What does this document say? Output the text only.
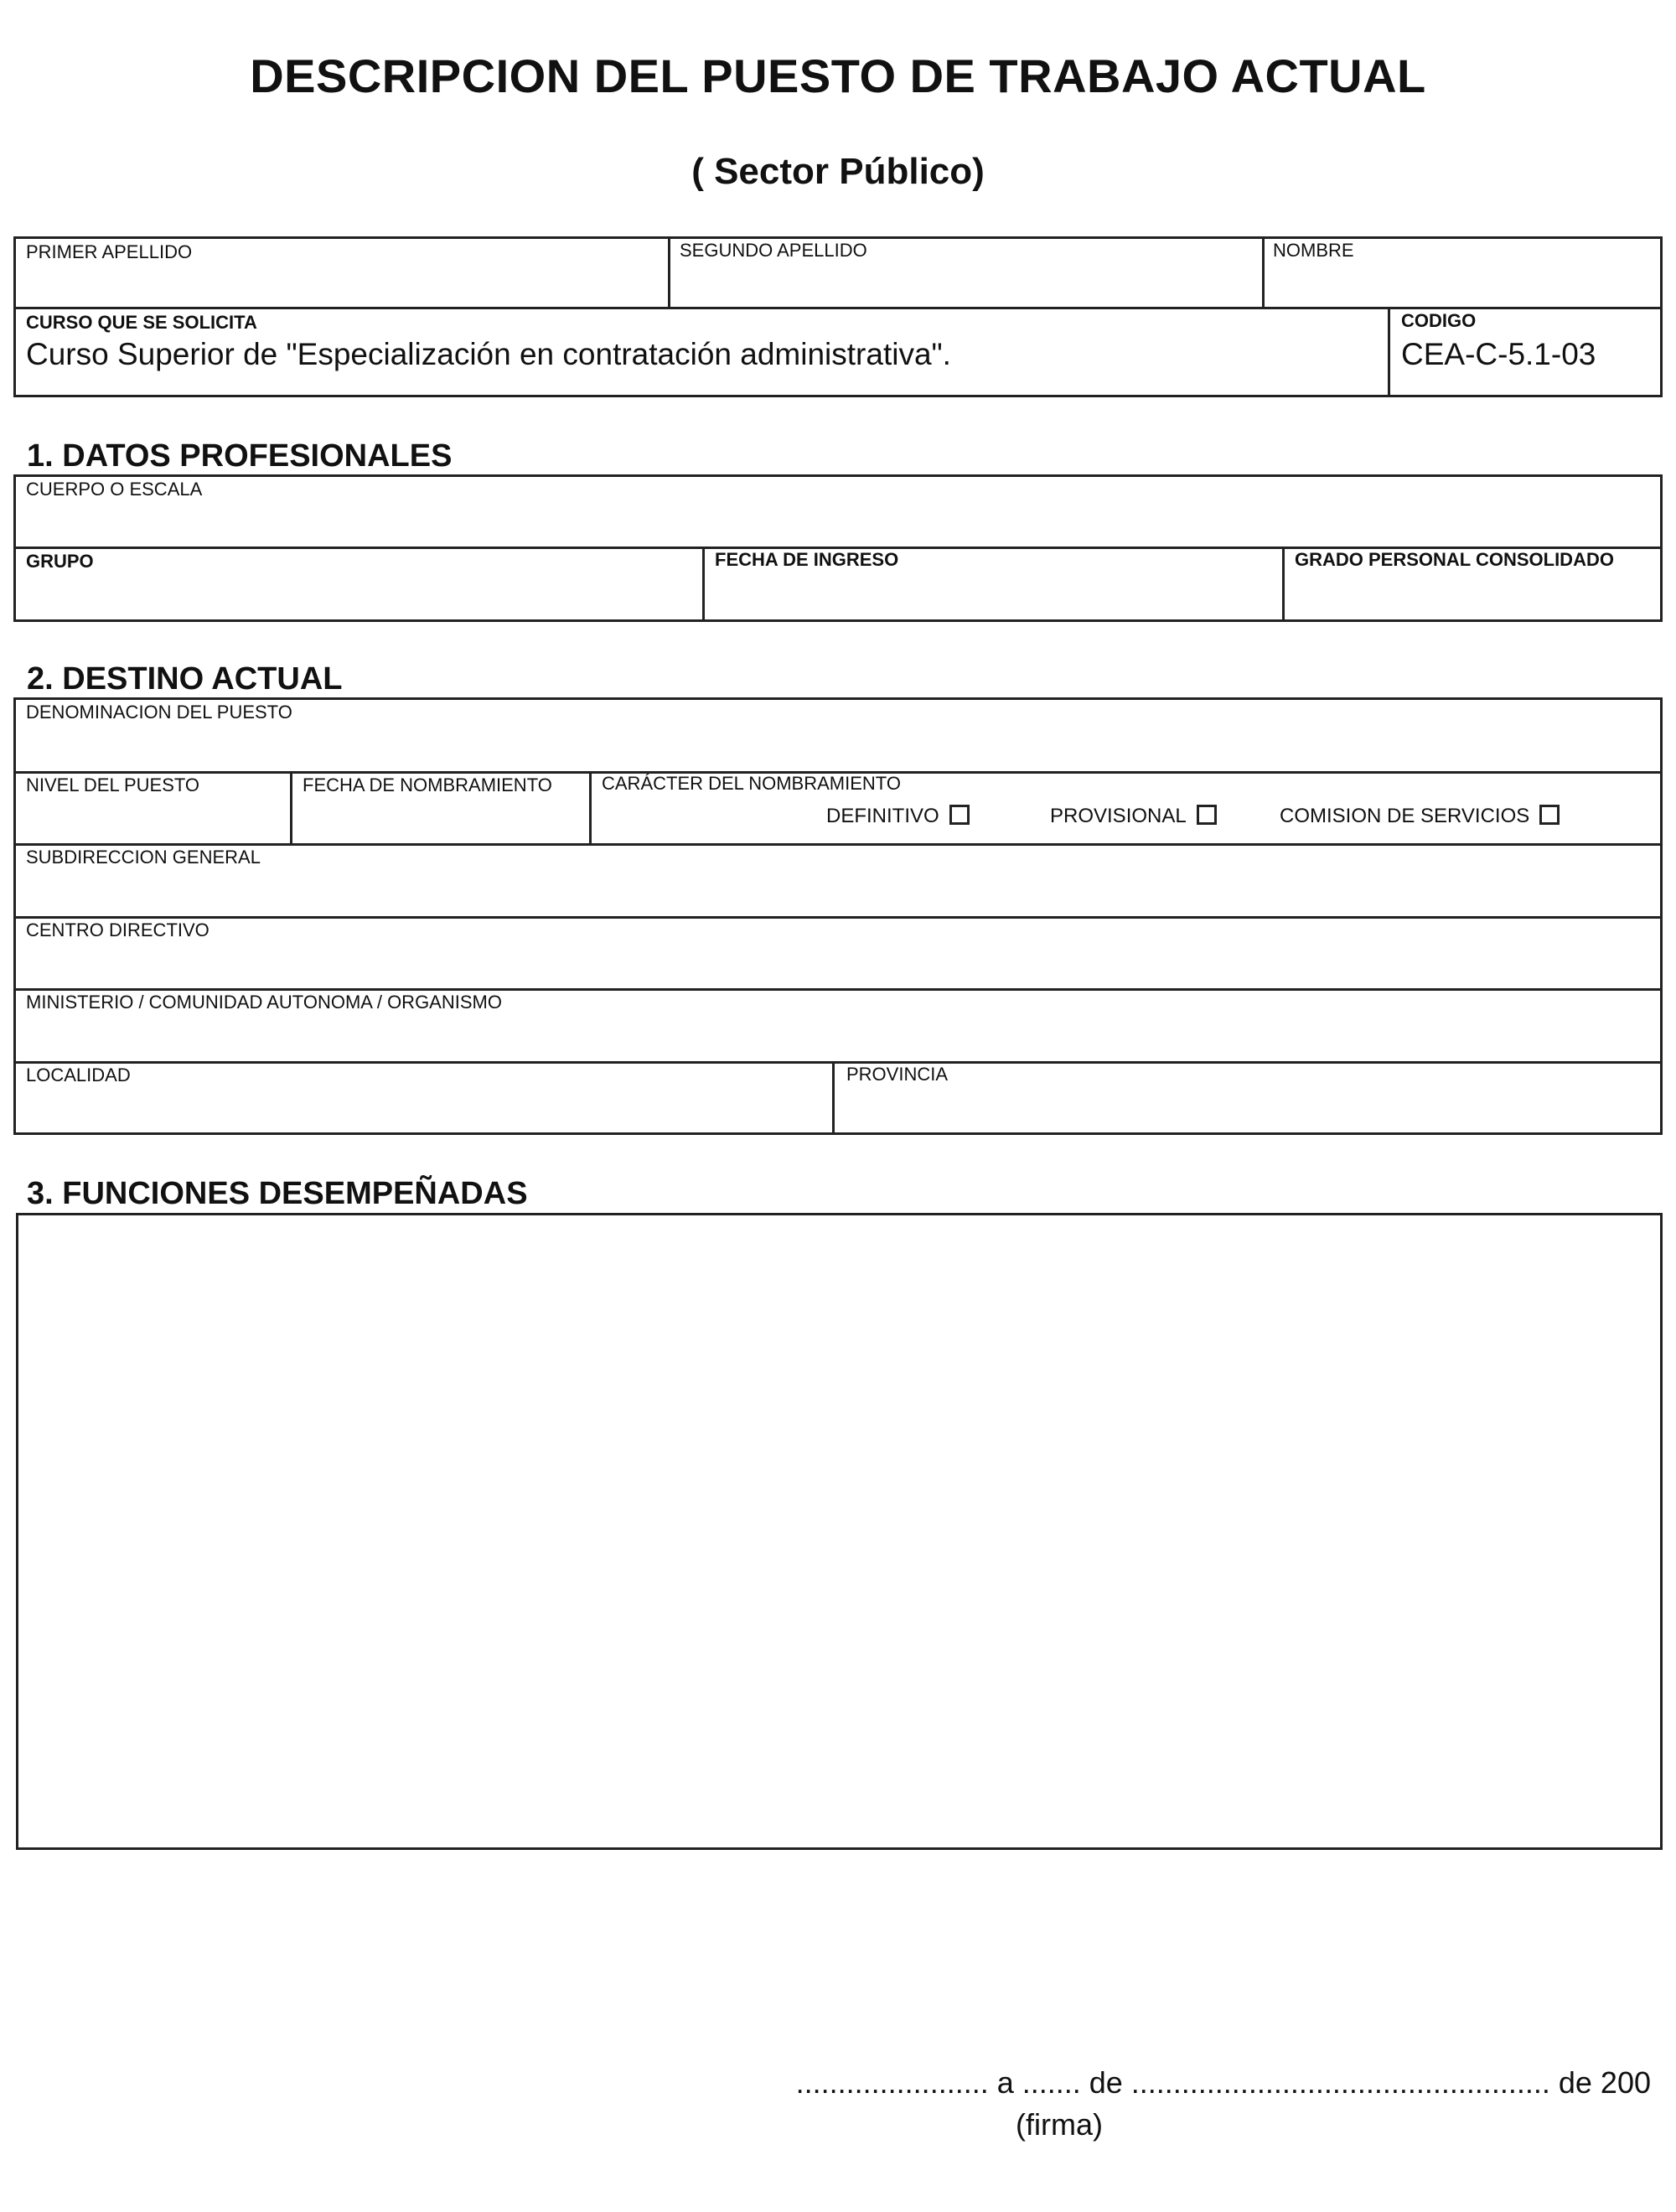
DESCRIPCION DEL PUESTO DE TRABAJO ACTUAL
( Sector Público)
PRIMER APELLIDO	SEGUNDO APELLIDO	NOMBRE
CURSO QUE SE SOLICITA
Curso Superior de "Especialización en contratación administrativa".
CODIGO
CEA-C-5.1-03
1. DATOS PROFESIONALES
CUERPO O ESCALA
GRUPO	FECHA DE INGRESO	GRADO PERSONAL CONSOLIDADO
2. DESTINO ACTUAL
DENOMINACION DEL PUESTO
NIVEL DEL PUESTO	FECHA DE NOMBRAMIENTO	CARÁCTER DEL NOMBRAMIENTO
DEFINITIVO	PROVISIONAL	COMISION DE SERVICIOS
SUBDIRECCION GENERAL
CENTRO DIRECTIVO
MINISTERIO / COMUNIDAD AUTONOMA / ORGANISMO
LOCALIDAD	PROVINCIA
3. FUNCIONES DESEMPEÑADAS
....................... a ....... de .................................................. de 200
(firma)
